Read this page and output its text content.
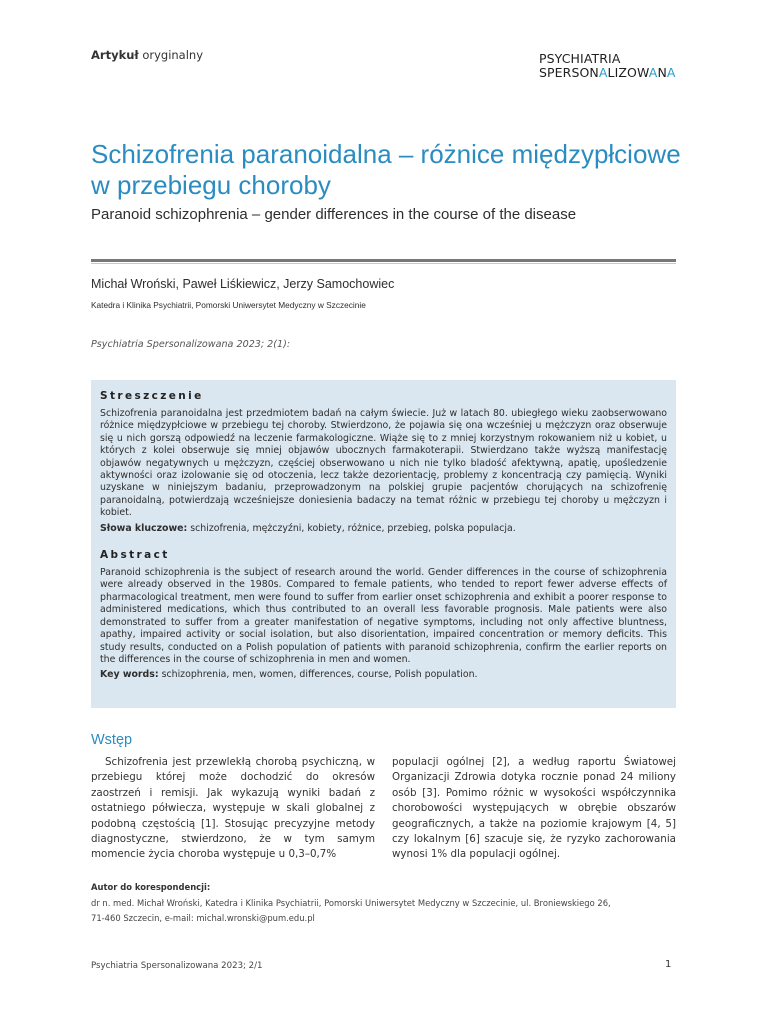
Artykuł oryginalny	PSYCHIATRIA
SPERSONALIZOWANA
Schizofrenia paranoidalna – różnice międzypłciowe w przebiegu choroby

Paranoid schizophrenia – gender differences in the course of the disease

Michał Wroński, Paweł Liśkiewicz, Jerzy Samochowiec
Katedra i Klinika Psychiatrii, Pomorski Uniwersytet Medyczny w Szczecinie
Psychiatria Spersonalizowana 2023; 2(1):
Streszczenie

Schizofrenia paranoidalna jest przedmiotem badań na całym świecie. Już w latach 80. ubiegłego wieku zaobserwowano różnice międzypłciowe w przebiegu tej choroby. Stwierdzono, że pojawia się ona wcześniej u mężczyzn oraz obserwuje się u nich gorszą odpowiedź na leczenie farmakologiczne. Wiąże się to z mniej korzystnym rokowaniem niż u kobiet, u których z kolei obserwuje się mniej objawów ubocznych farmakoterapii. Stwierdzano także wyższą manifestację objawów negatywnych u mężczyzn, częściej obserwowano u nich nie tylko bladość afektywną, apatię, upośledzenie aktywności oraz izolowanie się od otoczenia, lecz także dezorientację, problemy z koncentracją czy pamięcią. Wyniki uzyskane w niniejszym badaniu, przeprowadzonym na polskiej grupie pacjentów chorujących na schizofrenię paranoidalną, potwierdzają wcześniejsze doniesienia badaczy na temat różnic w przebiegu tej choroby u mężczyzn i kobiet.

Słowa kluczowe: schizofrenia, mężczyźni, kobiety, różnice, przebieg, polska populacja.

Abstract

Paranoid schizophrenia is the subject of research around the world. Gender differences in the course of schizophrenia were already observed in the 1980s. Compared to female patients, who tended to report fewer adverse effects of pharmacological treatment, men were found to suffer from earlier onset schizophrenia and exhibit a poorer response to administered medications, which thus contributed to an overall less favorable prognosis. Male patients were also demonstrated to suffer from a greater manifestation of negative symptoms, including not only affective bluntness, apathy, impaired activity or social isolation, but also disorientation, impaired concentration or memory deficits. This study results, conducted on a Polish population of patients with paranoid schizophrenia, confirm the earlier reports on the differences in the course of schizophrenia in men and women.

Key words: schizophrenia, men, women, differences, course, Polish population.

Wstęp

Schizofrenia jest przewlekłą chorobą psychiczną, w przebiegu której może dochodzić do okresów zaostrzeń i remisji. Jak wykazują wyniki badań z ostatniego półwiecza, występuje w skali globalnej z podobną częstością [1]. Stosując precyzyjne metody diagnostyczne, stwierdzono, że w tym samym momencie życia choroba występuje u 0,3–0,7%

populacji ogólnej [2], a według raportu Światowej Organizacji Zdrowia dotyka rocznie ponad 24 miliony osób [3]. Pomimo różnic w wysokości współczynnika chorobowości występujących w obrębie obszarów geograficznych, a także na poziomie krajowym [4, 5] czy lokalnym [6] szacuje się, że ryzyko zachorowania wynosi 1% dla populacji ogólnej.

Autor do korespondencji:
dr n. med. Michał Wroński, Katedra i Klinika Psychiatrii, Pomorski Uniwersytet Medyczny w Szczecinie, ul. Broniewskiego 26,
71-460 Szczecin, e-mail: michal.wronski@pum.edu.pl
Psychiatria Spersonalizowana 2023; 2/1	1
